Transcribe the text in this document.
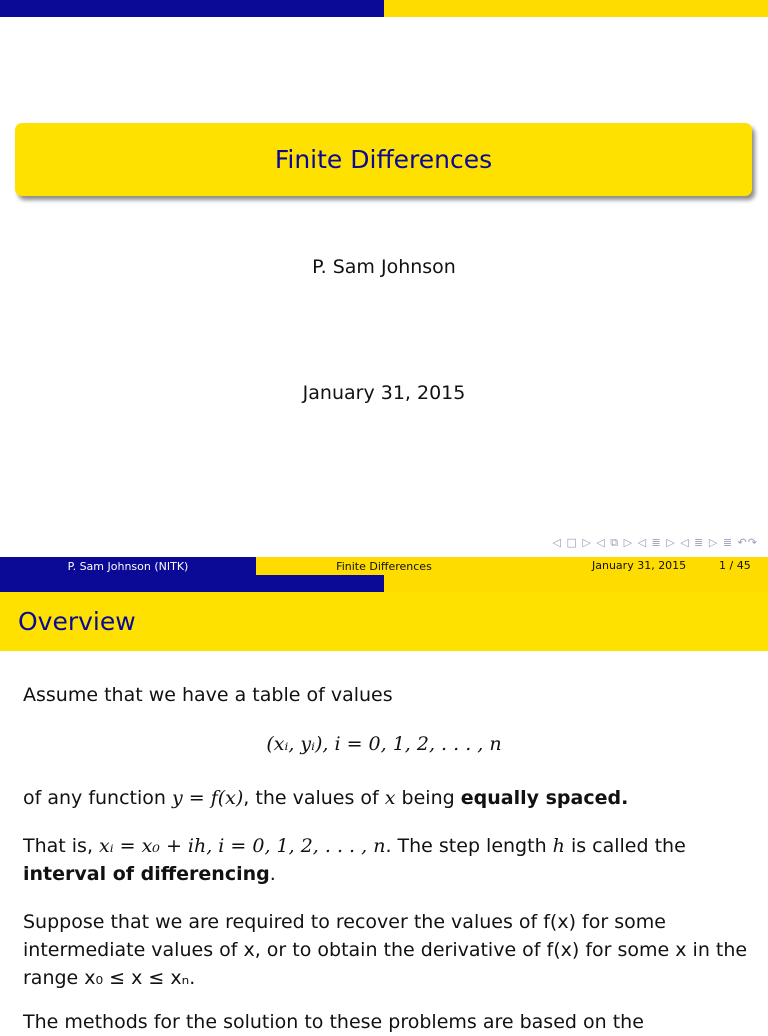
Finite Differences
P. Sam Johnson
January 31, 2015
◁ □ ▷ ◁ ⧉ ▷ ◁ ≣ ▷ ◁ ≣ ▷ ≣ ↶↷
P. Sam Johnson (NITK)	Finite Differences	January 31, 2015	1 / 45
Overview
Assume that we have a table of values
(xᵢ, yᵢ), i = 0, 1, 2, . . . , n
of any function y = f(x), the values of x being equally spaced.
That is, xᵢ = x₀ + ih, i = 0, 1, 2, . . . , n. The step length h is called the interval of differencing.
Suppose that we are required to recover the values of f(x) for some intermediate values of x, or to obtain the derivative of f(x) for some x in the range x₀ ≤ x ≤ xₙ.
The methods for the solution to these problems are based on the
